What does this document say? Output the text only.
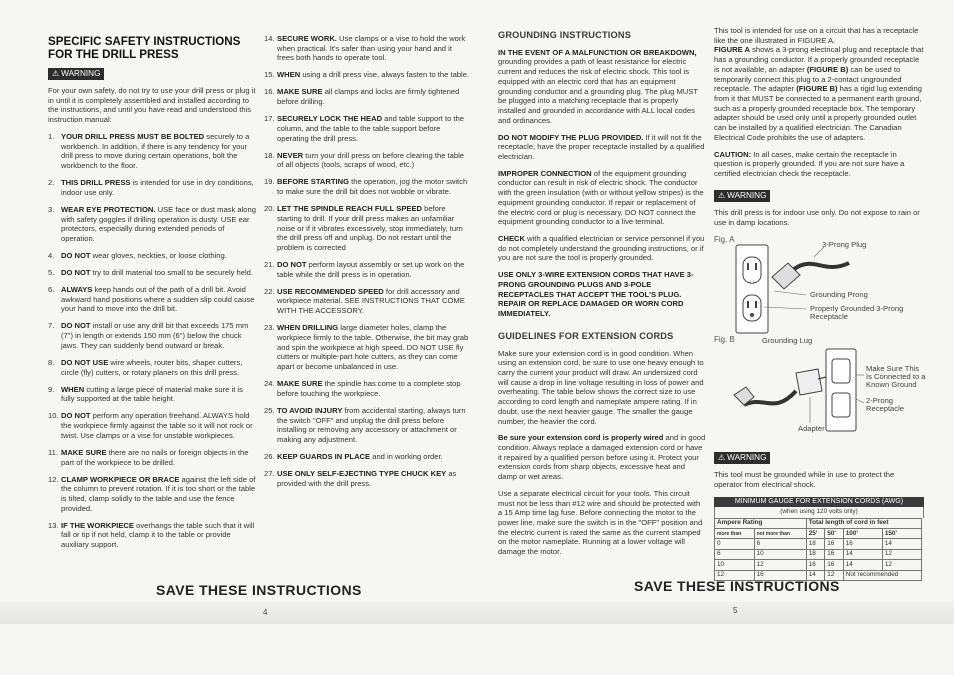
SPECIFIC SAFETY INSTRUCTIONS FOR THE DRILL PRESS
⚠ WARNING

For your own safety, do not try to use your drill press or plug it in until it is completely assembled and installed according to the instructions, and until you have read and understood this instruction manual:

1. YOUR DRILL PRESS MUST BE BOLTED securely to a workbench. In addition, if there is any tendency for your drill press to move during certain operations, bolt the workbench to the floor.
2. THIS DRILL PRESS is intended for use in dry conditions, indoor use only.
3. WEAR EYE PROTECTION. USE face or dust mask along with safety goggles if drilling operation is dusty. USE ear protectors, especially during extended periods of operation.
4. DO NOT wear gloves, neckties, or loose clothing.
5. DO NOT try to drill material too small to be securely held.
6. ALWAYS keep hands out of the path of a drill bit. Avoid awkward hand positions where a sudden slip could cause your hand to move into the drill bit.
7. DO NOT install or use any drill bit that exceeds 175 mm (7") in length or extends 150 mm (6") below the chuck jaws. They can suddenly bend outward or break.
8. DO NOT USE wire wheels, router bits, shaper cutters, circle (fly) cutters, or rotary planers on this drill press.
9. WHEN cutting a large piece of material make sure it is fully supported at the table height.
10. DO NOT perform any operation freehand. ALWAYS hold the workpiece firmly against the table so it will not rock or twist. Use clamps or a vise for unstable workpieces.
11. MAKE SURE there are no nails or foreign objects in the part of the workpiece to be drilled.
12. CLAMP WORKPIECE OR BRACE against the left side of the column to prevent rotation. If it is too short or the table is tilted, clamp solidly to the table and use the fence provided.
13. IF THE WORKPIECE overhangs the table such that it will fall or tip if not held, clamp it to the table or provide auxiliary support.
14. SECURE WORK. Use clamps or a vise to hold the work when practical. It's safer than using your hand and it frees both hands to operate tool.
15. WHEN using a drill press vise, always fasten to the table.
16. MAKE SURE all clamps and locks are firmly tightened before drilling.
17. SECURELY LOCK THE HEAD and table support to the column, and the table to the table support before operating the drill press.
18. NEVER turn your drill press on before clearing the table of all objects (tools, scraps of wood, etc.)
19. BEFORE STARTING the operation, jog the motor switch to make sure the drill bit does not wobble or vibrate.
20. LET THE SPINDLE REACH FULL SPEED before starting to drill. If your drill press makes an unfamiliar noise or if it vibrates excessively, stop immediately, turn the drill press off and unplug. Do not restart until the problem is corrected
21. DO NOT perform layout assembly or set up work on the table while the drill press is in operation.
22. USE RECOMMENDED SPEED for drill accessory and workpiece material. SEE INSTRUCTIONS THAT COME WITH THE ACCESSORY.
23. WHEN DRILLING large diameter holes, clamp the workpiece firmly to the table. Otherwise, the bit may grab and spin the workpiece at high speed. DO NOT USE fly cutters or multiple-part hole cutters, as they can come apart or become unbalanced in use.
24. MAKE SURE the spindle has come to a complete stop before touching the workpiece.
25. TO AVOID INJURY from accidental starting, always turn the switch "OFF" and unplug the drill press before installing or removing any accessory or attachment or making any adjustment.
26. KEEP GUARDS IN PLACE and in working order.
27. USE ONLY SELF-EJECTING TYPE CHUCK KEY as provided with the drill press.
SAVE THESE INSTRUCTIONS
4
GROUNDING INSTRUCTIONS

IN THE EVENT OF A MALFUNCTION OR BREAKDOWN, grounding provides a path of least resistance for electric current and reduces the risk of electric shock. This tool is equipped with an electric cord that has an equipment grounding conductor and a grounding plug. The plug MUST be plugged into a matching receptacle that is properly installed and grounded in accordance with ALL local codes and ordinances.

DO NOT MODIFY THE PLUG PROVIDED. If it will not fit the receptacle, have the proper receptacle installed by a qualified electrician.

IMPROPER CONNECTION of the equipment grounding conductor can result in risk of electric shock. The conductor with the green insulation (with or without yellow stripes) is the equipment grounding conductor. If repair or replacement of the electric cord or plug is necessary, DO NOT connect the equipment grounding conductor to a live terminal.

CHECK with a qualified electrician or service personnel if you do not completely understand the grounding instructions, or if you are not sure the tool is properly grounded.

USE ONLY 3-WIRE EXTENSION CORDS THAT HAVE 3-PRONG GROUNDING PLUGS AND 3-POLE RECEPTACLES THAT ACCEPT THE TOOL'S PLUG. REPAIR OR REPLACE DAMAGED OR WORN CORD IMMEDIATELY.

GUIDELINES FOR EXTENSION CORDS

Make sure your extension cord is in good condition. When using an extension cord, be sure to use one heavy enough to carry the current your product will draw. An undersized cord will cause a drop in line voltage resulting in loss of power and overheating. The table below shows the correct size to use according to cord length and nameplate ampere rating. If in doubt, use the next heavier gauge. The smaller the gauge number, the heavier the cord.

Be sure your extension cord is properly wired and in good condition. Always replace a damaged extension cord or have it repaired by a qualified person before using it. Protect your extension cords from sharp objects, excessive heat and damp or wet areas.

Use a separate electrical circuit for your tools. This circuit must not be less than #12 wire and should be protected with a 15 Amp time lag fuse. Before connecting the motor to the power line, make sure the switch is in the "OFF" position and the electric current is rated the same as the current stamped on the motor nameplate. Running at a lower voltage will damage the motor.

This tool is intended for use on a circuit that has a receptacle like the one illustrated in FIGURE A.

FIGURE A shows a 3-prong electrical plug and receptacle that has a grounding conductor. If a properly grounded receptacle is not available, an adapter (FIGURE B) can be used to temporarily connect this plug to a 2-contact ungrounded receptacle. The adapter (FIGURE B) has a rigid lug extending from it that MUST be connected to a permanent earth ground, such as a properly grounded receptacle box. The temporary adapter should be used only until a properly grounded outlet can be installed by a qualified electrician. The Canadian Electrical Code prohibits the use of adapters.

CAUTION: In all cases, make certain the receptacle in question is properly grounded. If you are not sure have a certified electrician check the receptacle.

⚠ WARNING

This drill press is for indoor use only. Do not expose to rain or use in damp locations.

Fig. A
3-Prong Plug
Grounding Prong
Properly Grounded 3-Prong Receptacle
Fig. B	Grounding Lug
Make Sure This Is Connected to a Known Ground
2-Prong Receptacle
Adapter
⚠ WARNING

This tool must be grounded while in use to protect the operator from electrical shock.

MINIMUM GAUGE FOR EXTENSION CORDS (AWG)
(when using 120 volts only)
Ampere Rating		Total length of cord in feet			
more than	not more than	25'	50'	100'	150'
0	6	18	16	16	14
6	10	18	16	14	12
10	12	16	16	14	12
12	16	14	12	Not recommended	
SAVE THESE INSTRUCTIONS
5
